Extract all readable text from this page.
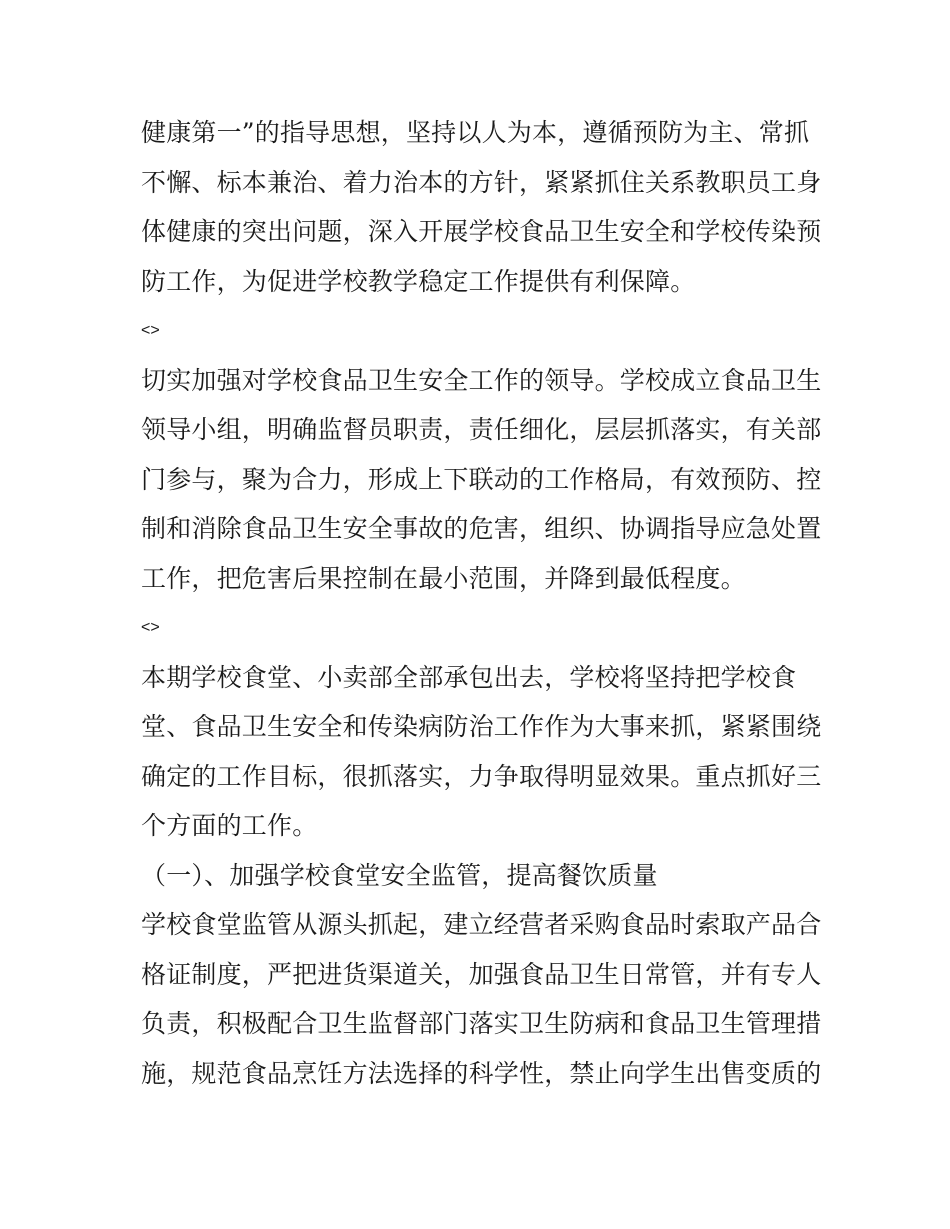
健康第一”的指导思想，坚持以人为本，遵循预防为主、常抓
不懈、标本兼治、着力治本的方针，紧紧抓住关系教职员工身
体健康的突出问题，深入开展学校食品卫生安全和学校传染预
防工作，为促进学校教学稳定工作提供有利保障。
<>
切实加强对学校食品卫生安全工作的领导。学校成立食品卫生
领导小组，明确监督员职责，责任细化，层层抓落实，有关部
门参与，聚为合力，形成上下联动的工作格局，有效预防、控
制和消除食品卫生安全事故的危害，组织、协调指导应急处置
工作，把危害后果控制在最小范围，并降到最低程度。
<>
本期学校食堂、小卖部全部承包出去，学校将坚持把学校食
堂、食品卫生安全和传染病防治工作作为大事来抓，紧紧围绕
确定的工作目标，很抓落实，力争取得明显效果。重点抓好三
个方面的工作。
（一）、加强学校食堂安全监管，提高餐饮质量
学校食堂监管从源头抓起，建立经营者采购食品时索取产品合
格证制度，严把进货渠道关，加强食品卫生日常管，并有专人
负责，积极配合卫生监督部门落实卫生防病和食品卫生管理措
施，规范食品烹饪方法选择的科学性，禁止向学生出售变质的
